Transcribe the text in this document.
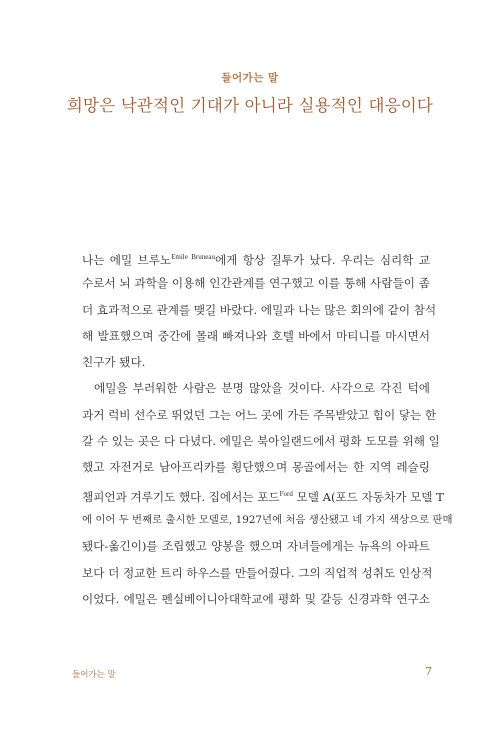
들어가는 말
희망은 낙관적인 기대가 아니라 실용적인 대응이다
나는 에밀 브루노$^{Emile Bruneau}$에게 항상 질투가 났다. 우리는 심리학 교
수로서 뇌 과학을 이용해 인간관계를 연구했고 이를 통해 사람들이 좀
더 효과적으로 관계를 맺길 바랐다. 에밀과 나는 많은 회의에 같이 참석
해 발표했으며 중간에 몰래 빠져나와 호텔 바에서 마티니를 마시면서
친구가 됐다.
에밀을 부러워한 사람은 분명 많았을 것이다. 사각으로 각진 턱에
과거 럭비 선수로 뛰었던 그는 어느 곳에 가든 주목받았고 힘이 닿는 한
갈 수 있는 곳은 다 다녔다. 에밀은 북아일랜드에서 평화 도모를 위해 일
했고 자전거로 남아프리카를 횡단했으며 몽골에서는 한 지역 레슬링
챔피언과 겨루기도 했다. 집에서는 포드$^{Ford}$ 모델 A(포드 자동차가 모델 T
에 이어 두 번째로 출시한 모델로, 1927년에 처음 생산됐고 네 가지 색상으로 판매
됐다-옮긴이)를 조립했고 양봉을 했으며 자녀들에게는 뉴욕의 아파트
보다 더 정교한 트리 하우스를 만들어줬다. 그의 직업적 성취도 인상적
이었다. 에밀은 펜실베이니아대학교에 평화 및 갈등 신경과학 연구소
들어가는 말	7
